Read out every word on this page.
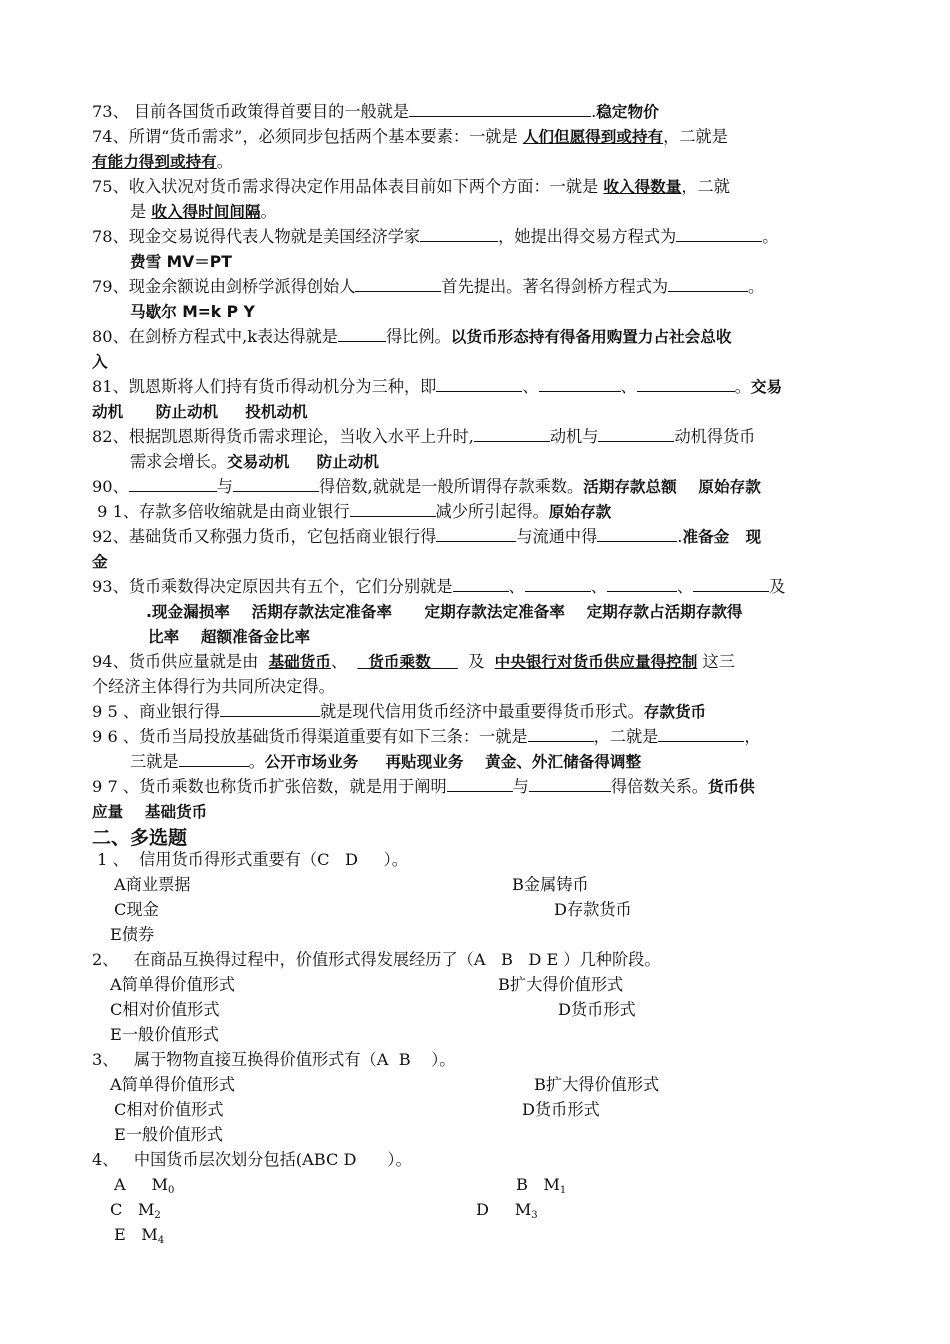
73、 目前各国货币政策得首要目的一般就是	.稳定物价
74、所谓“货币需求”，必须同步包括两个基本要素：一就是 人们但愿得到或持有，二就是
有能力得到或持有。
75、收入状况对货币需求得决定作用品体表目前如下两个方面：一就是 收入得数量，二就
是 收入得时间间隔。
78、现金交易说得代表人物就是美国经济学家	，她提出得交易方程式为	。
费雪 MV＝PT
79、现金余额说由剑桥学派得创始人	首先提出。著名得剑桥方程式为	。
马歇尔 M=k P Y
80、在剑桥方程式中,k表达得就是	得比例。以货币形态持有得备用购置力占社会总收
入
81、凯恩斯将人们持有货币得动机分为三种，即	、	、	。交易
动机      防止动机     投机动机
82、根据凯恩斯得货币需求理论，当收入水平上升时,	动机与	动机得货币
需求会增长。交易动机     防止动机
90、	与	得倍数,就就是一般所谓得存款乘数。活期存款总额    原始存款
9 1、存款多倍收缩就是由商业银行	减少所引起得。原始存款
92、基础货币又称强力货币，它包括商业银行得	与流通中得	.准备金   现
金
93、货币乘数得决定原因共有五个，它们分别就是	、	、	、	及
.现金漏损率    活期存款法定准备率      定期存款法定准备率    定期存款占活期存款得
比率    超额准备金比率
94、货币供应量就是由  基础货币、    货币乘数       及  中央银行对货币供应量得控制 这三
个经济主体得行为共同所决定得。
9 5 、商业银行得	就是现代信用货币经济中最重要得货币形式。存款货币
9 6 、货币当局投放基础货币得渠道重要有如下三条：一就是	，二就是	，
三就是	。公开市场业务     再贴现业务    黄金、外汇储备得调整
9 7 、货币乘数也称货币扩张倍数，就是用于阐明	与	得倍数关系。货币供
应量    基础货币
二、多选题
1 、  信用货币得形式重要有（C   D     ）。
A商业票据	B金属铸币
C现金	D存款货币
E债券
2、   在商品互换得过程中，价值形式得发展经历了（A   B   D E ）几种阶段。
A简单得价值形式	B扩大得价值形式
C相对价值形式	D货币形式
E一般价值形式
3、   属于物物直接互换得价值形式有（A  B    ）。
A简单得价值形式	B扩大得价值形式
C相对价值形式	D货币形式
E一般价值形式
4、   中国货币层次划分包括(ABC D      ）。
A $M_0$	B $M_1$
C $M_2$	D $M_3$
E $M_4$
